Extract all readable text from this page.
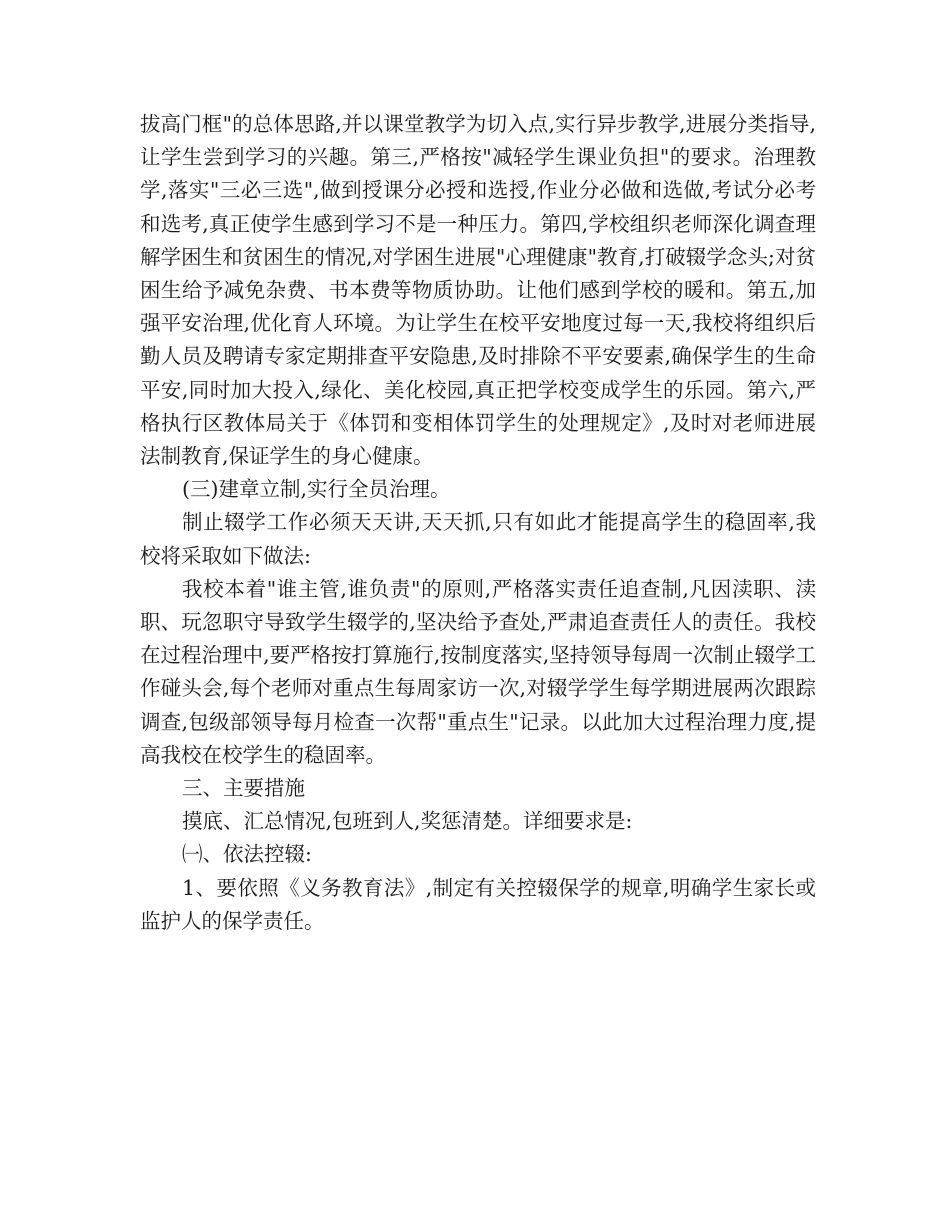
拔高门框"的总体思路,并以课堂教学为切入点,实行异步教学,进展分类指导,让学生尝到学习的兴趣。第三,严格按"减轻学生课业负担"的要求。治理教学,落实"三必三选",做到授课分必授和选授,作业分必做和选做,考试分必考和选考,真正使学生感到学习不是一种压力。第四,学校组织老师深化调查理解学困生和贫困生的情况,对学困生进展"心理健康"教育,打破辍学念头;对贫困生给予减免杂费、书本费等物质协助。让他们感到学校的暖和。第五,加强平安治理,优化育人环境。为让学生在校平安地度过每一天,我校将组织后勤人员及聘请专家定期排查平安隐患,及时排除不平安要素,确保学生的生命平安,同时加大投入,绿化、美化校园,真正把学校变成学生的乐园。第六,严格执行区教体局关于《体罚和变相体罚学生的处理规定》,及时对老师进展法制教育,保证学生的身心健康。

(三)建章立制,实行全员治理。

制止辍学工作必须天天讲,天天抓,只有如此才能提高学生的稳固率,我校将采取如下做法:

我校本着"谁主管,谁负责"的原则,严格落实责任追查制,凡因渎职、渎职、玩忽职守导致学生辍学的,坚决给予查处,严肃追查责任人的责任。我校在过程治理中,要严格按打算施行,按制度落实,坚持领导每周一次制止辍学工作碰头会,每个老师对重点生每周家访一次,对辍学学生每学期进展两次跟踪调查,包级部领导每月检查一次帮"重点生"记录。以此加大过程治理力度,提高我校在校学生的稳固率。

三、主要措施

摸底、汇总情况,包班到人,奖惩清楚。详细要求是:

㈠、依法控辍:

1、要依照《义务教育法》,制定有关控辍保学的规章,明确学生家长或监护人的保学责任。
